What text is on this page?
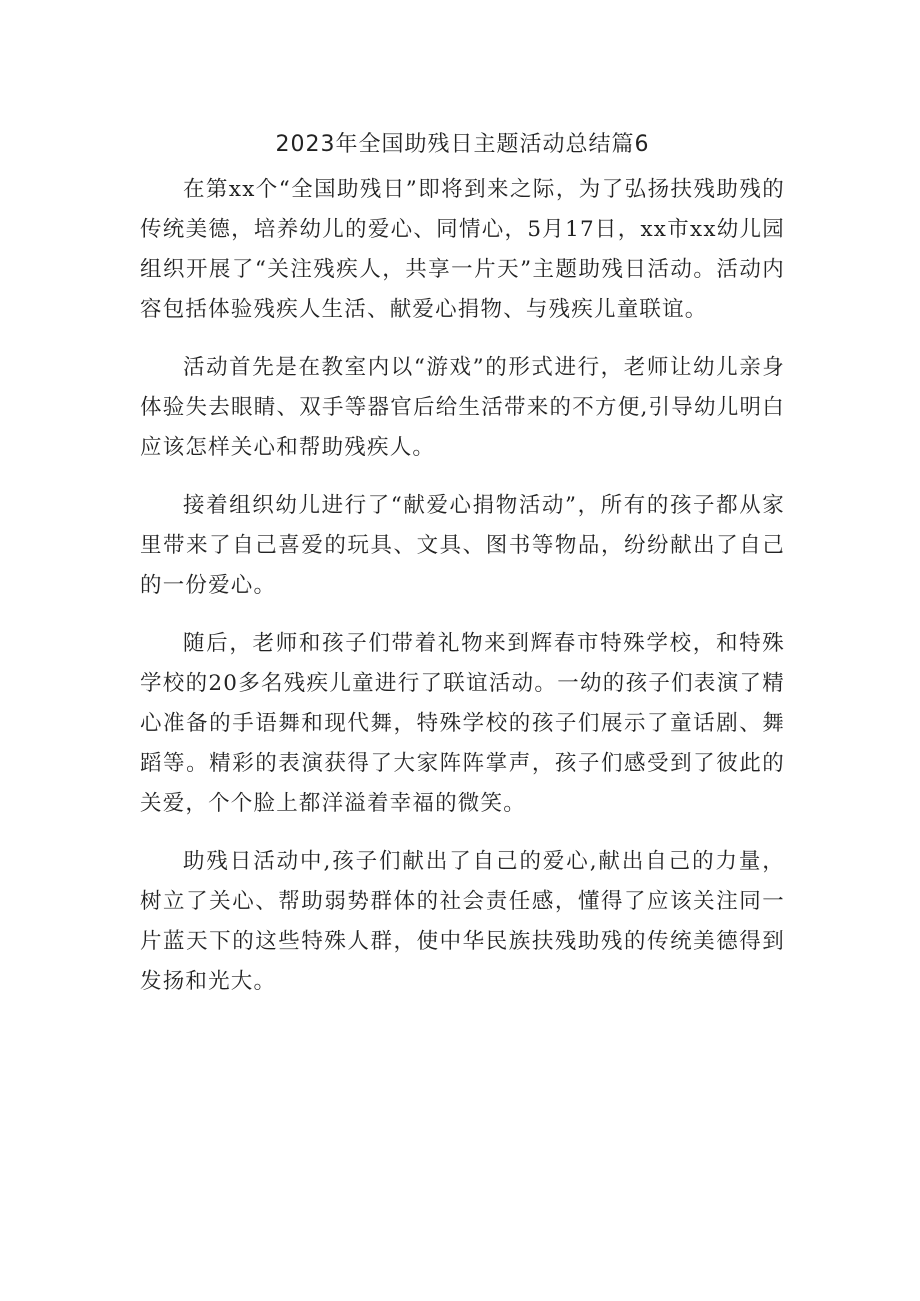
2023年全国助残日主题活动总结篇6

在第xx个“全国助残日”即将到来之际，为了弘扬扶残助残的传统美德，培养幼儿的爱心、同情心，5月17日，xx市xx幼儿园组织开展了“关注残疾人，共享一片天”主题助残日活动。活动内容包括体验残疾人生活、献爱心捐物、与残疾儿童联谊。

活动首先是在教室内以“游戏”的形式进行，老师让幼儿亲身体验失去眼睛、双手等器官后给生活带来的不方便,引导幼儿明白应该怎样关心和帮助残疾人。

接着组织幼儿进行了“献爱心捐物活动”，所有的孩子都从家里带来了自己喜爱的玩具、文具、图书等物品，纷纷献出了自己的一份爱心。

随后，老师和孩子们带着礼物来到辉春市特殊学校，和特殊学校的20多名残疾儿童进行了联谊活动。一幼的孩子们表演了精心准备的手语舞和现代舞，特殊学校的孩子们展示了童话剧、舞蹈等。精彩的表演获得了大家阵阵掌声，孩子们感受到了彼此的关爱，个个脸上都洋溢着幸福的微笑。

助残日活动中,孩子们献出了自己的爱心,献出自己的力量，树立了关心、帮助弱势群体的社会责任感，懂得了应该关注同一片蓝天下的这些特殊人群，使中华民族扶残助残的传统美德得到发扬和光大。
